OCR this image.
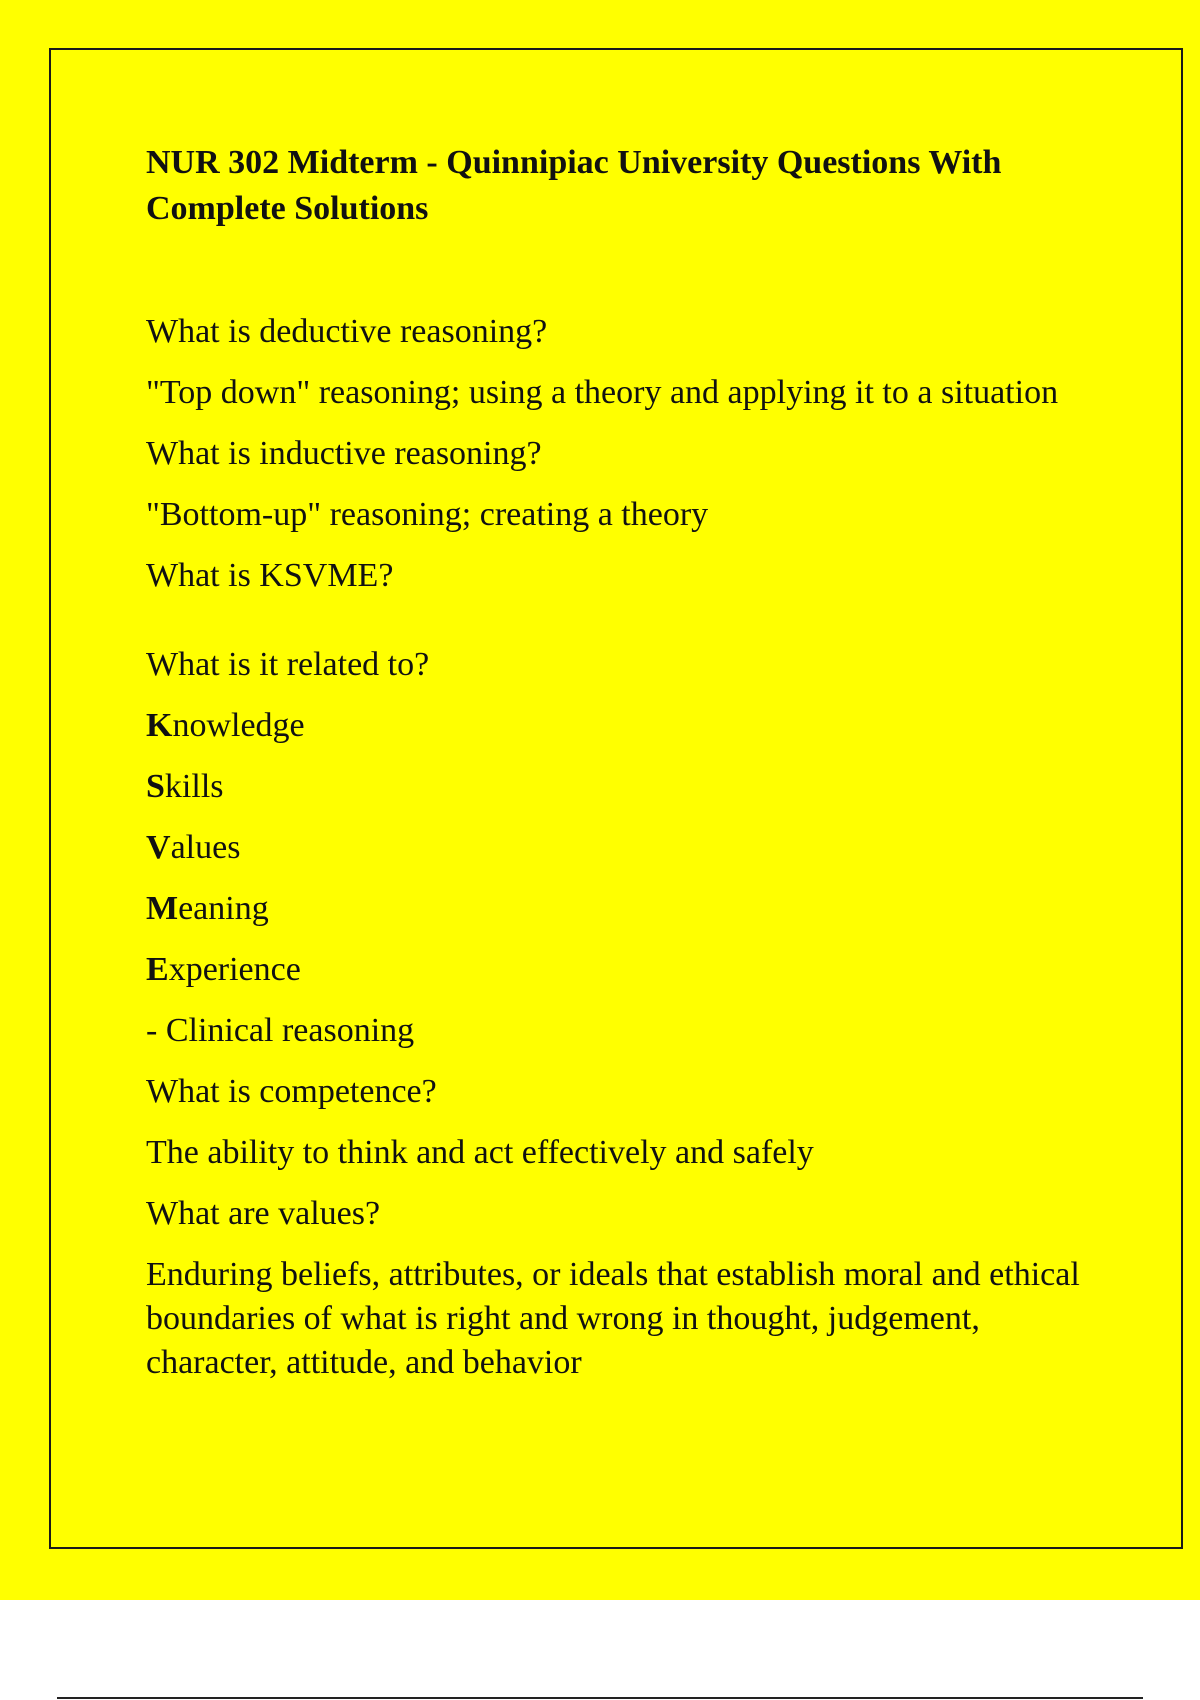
NUR 302 Midterm - Quinnipiac University Questions With Complete Solutions

What is deductive reasoning?

"Top down" reasoning; using a theory and applying it to a situation

What is inductive reasoning?

"Bottom-up" reasoning; creating a theory

What is KSVME?

What is it related to?

Knowledge

Skills

Values

Meaning

Experience

- Clinical reasoning

What is competence?

The ability to think and act effectively and safely

What are values?

Enduring beliefs, attributes, or ideals that establish moral and ethical boundaries of what is right and wrong in thought, judgement, character, attitude, and behavior
